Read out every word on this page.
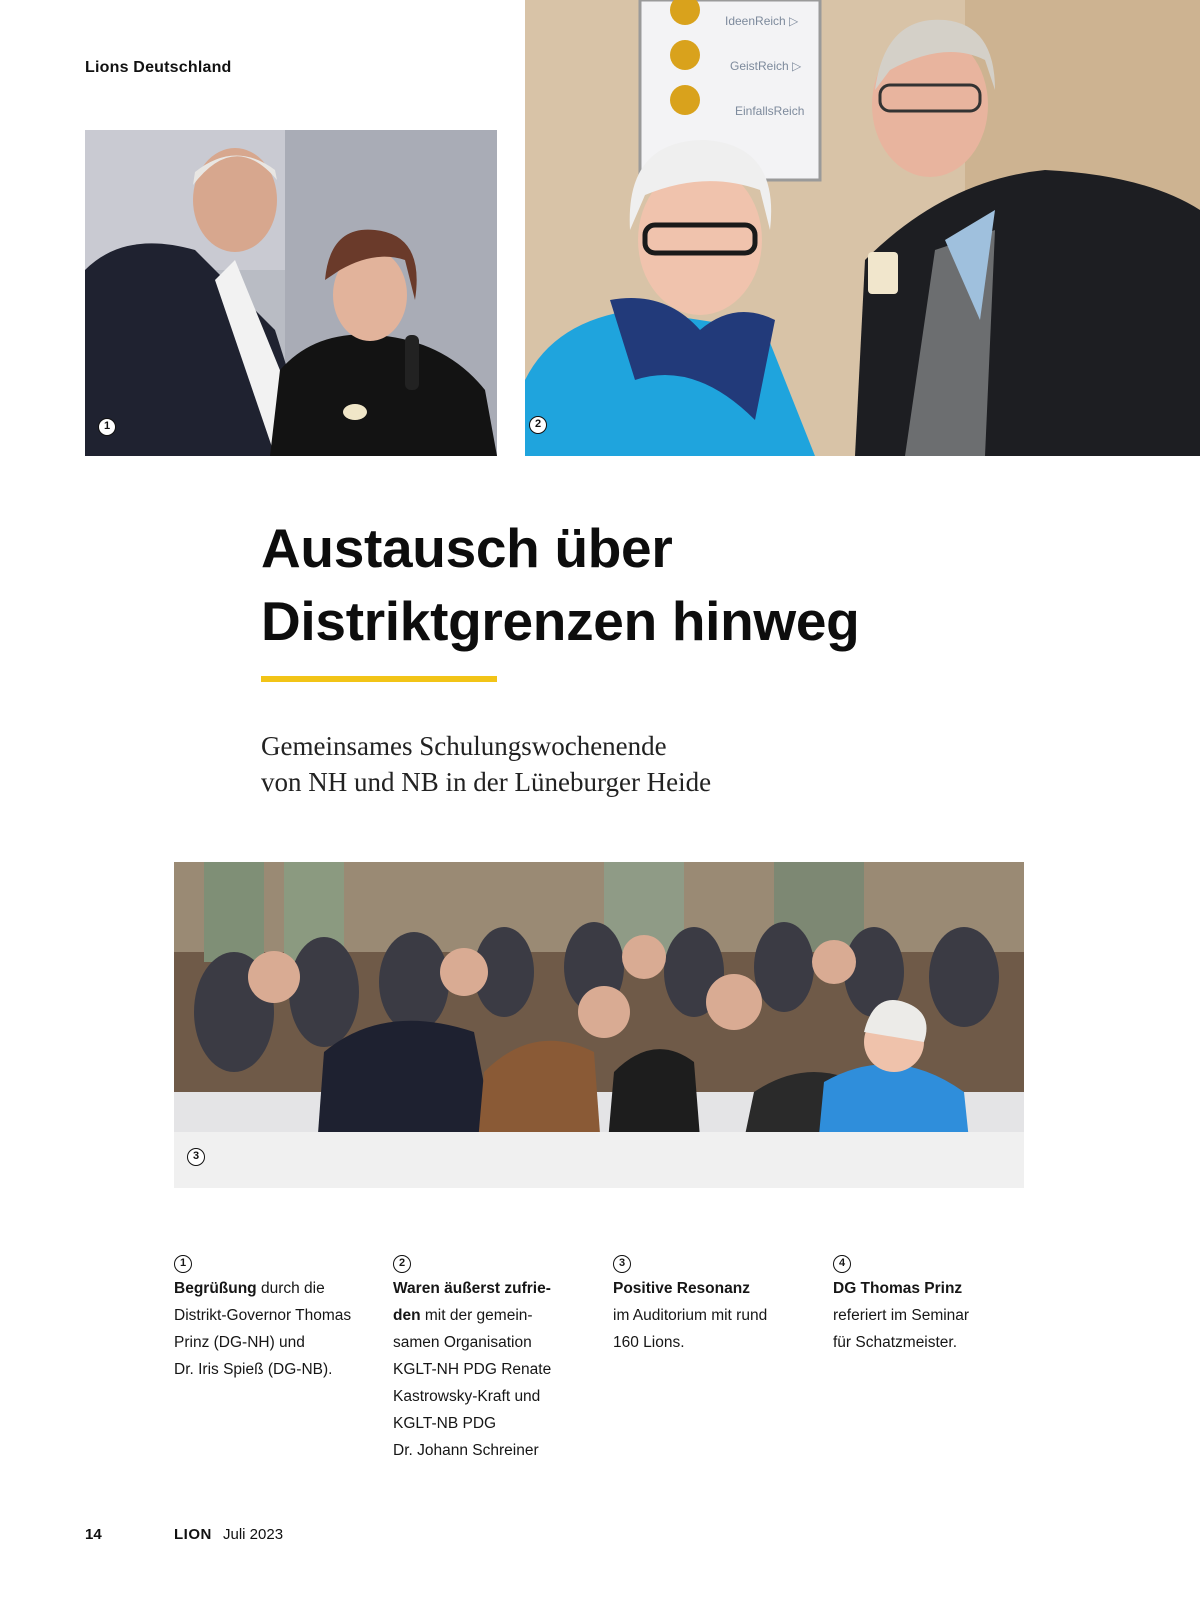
Lions Deutschland
1
IdeenReich ▷
GeistReich ▷
EinfallsReich
2
Austausch über
Distriktgrenzen hinweg
Gemeinsames Schulungswochenende
von NH und NB in der Lüneburger Heide
3
1
Begrüßung durch die
Distrikt-Governor Thomas
Prinz (DG-NH) und
Dr. Iris Spieß (DG-NB).
2
Waren äußerst zufrie-
den mit der gemein-
samen Organisation
KGLT-NH PDG Renate
Kastrowsky-Kraft und
KGLT-NB PDG
Dr. Johann Schreiner
3
Positive Resonanz
im Auditorium mit rund
160 Lions.
4
DG Thomas Prinz
referiert im Seminar
für Schatzmeister.
14	LION Juli 2023
